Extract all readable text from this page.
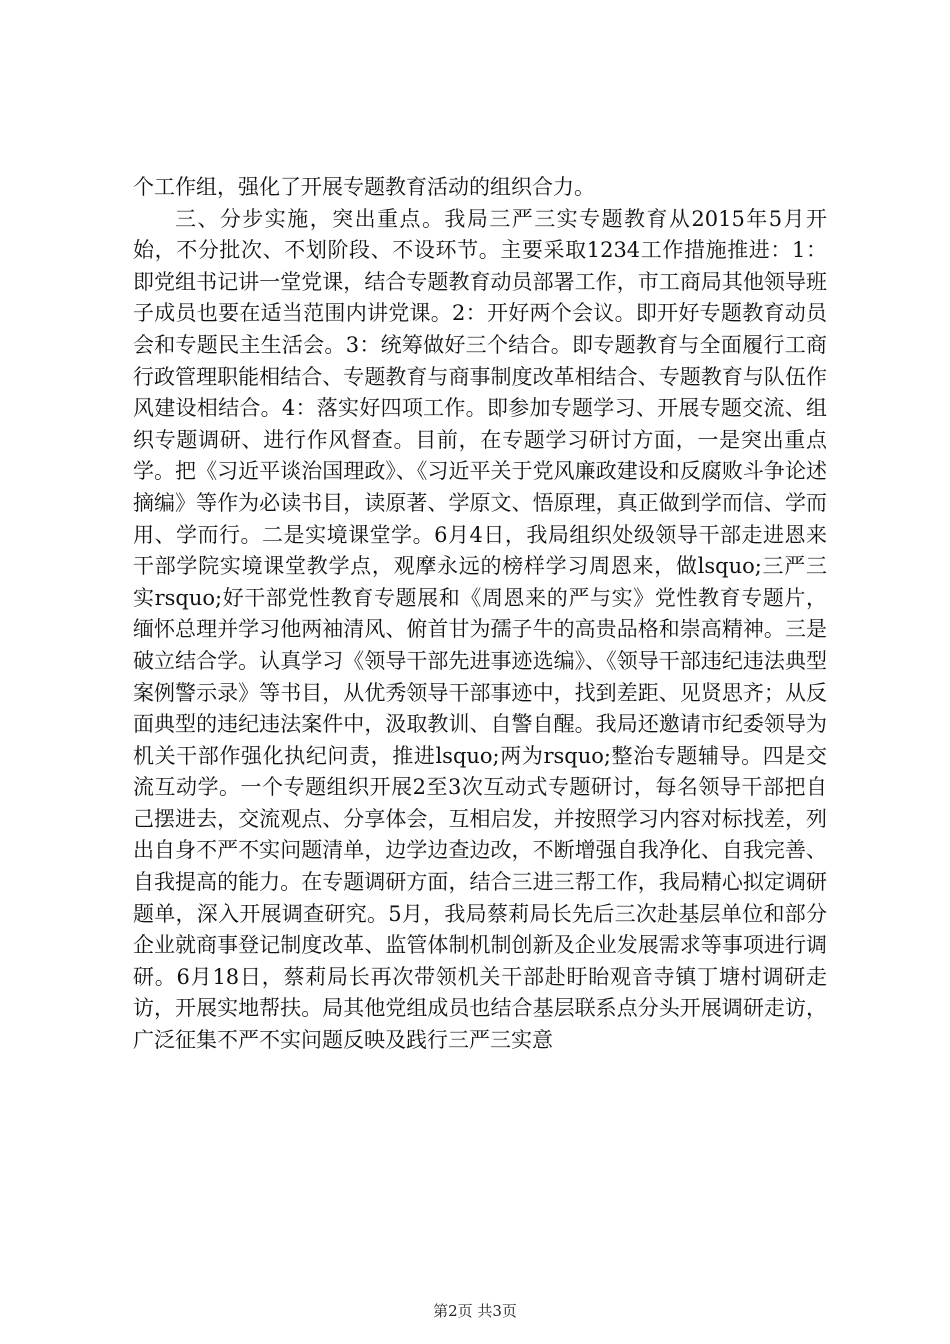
个工作组，强化了开展专题教育活动的组织合力。

三、分步实施，突出重点。我局三严三实专题教育从2015年5月开始，不分批次、不划阶段、不设环节。主要采取1234工作措施推进：1：即党组书记讲一堂党课，结合专题教育动员部署工作，市工商局其他领导班子成员也要在适当范围内讲党课。2：开好两个会议。即开好专题教育动员会和专题民主生活会。3：统筹做好三个结合。即专题教育与全面履行工商行政管理职能相结合、专题教育与商事制度改革相结合、专题教育与队伍作风建设相结合。4：落实好四项工作。即参加专题学习、开展专题交流、组织专题调研、进行作风督查。目前，在专题学习研讨方面，一是突出重点学。把《习近平谈治国理政》、《习近平关于党风廉政建设和反腐败斗争论述摘编》等作为必读书目，读原著、学原文、悟原理，真正做到学而信、学而用、学而行。二是实境课堂学。6月4日，我局组织处级领导干部走进恩来干部学院实境课堂教学点，观摩永远的榜样学习周恩来，做lsquo;三严三实rsquo;好干部党性教育专题展和《周恩来的严与实》党性教育专题片，缅怀总理并学习他两袖清风、俯首甘为孺子牛的高贵品格和崇高精神。三是破立结合学。认真学习《领导干部先进事迹选编》、《领导干部违纪违法典型案例警示录》等书目，从优秀领导干部事迹中，找到差距、见贤思齐；从反面典型的违纪违法案件中，汲取教训、自警自醒。我局还邀请市纪委领导为机关干部作强化执纪问责，推进lsquo;两为rsquo;整治专题辅导。四是交流互动学。一个专题组织开展2至3次互动式专题研讨，每名领导干部把自己摆进去，交流观点、分享体会，互相启发，并按照学习内容对标找差，列出自身不严不实问题清单，边学边查边改，不断增强自我净化、自我完善、自我提高的能力。在专题调研方面，结合三进三帮工作，我局精心拟定调研题单，深入开展调查研究。5月，我局蔡莉局长先后三次赴基层单位和部分企业就商事登记制度改革、监管体制机制创新及企业发展需求等事项进行调研。6月18日，蔡莉局长再次带领机关干部赴盱眙观音寺镇丁塘村调研走访，开展实地帮扶。局其他党组成员也结合基层联系点分头开展调研走访，广泛征集不严不实问题反映及践行三严三实意

第2页 共3页
